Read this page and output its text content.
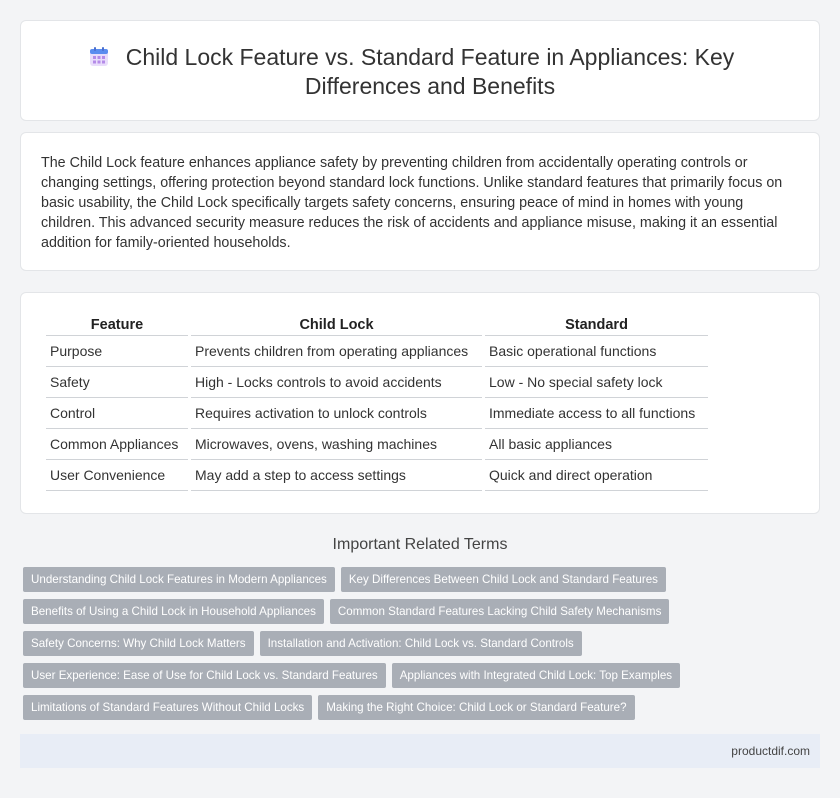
Child Lock Feature vs. Standard Feature in Appliances: Key Differences and Benefits

The Child Lock feature enhances appliance safety by preventing children from accidentally operating controls or changing settings, offering protection beyond standard lock functions. Unlike standard features that primarily focus on basic usability, the Child Lock specifically targets safety concerns, ensuring peace of mind in homes with young children. This advanced security measure reduces the risk of accidents and appliance misuse, making it an essential addition for family-oriented households.

Feature	Child Lock	Standard
Purpose	Prevents children from operating appliances	Basic operational functions
Safety	High - Locks controls to avoid accidents	Low - No special safety lock
Control	Requires activation to unlock controls	Immediate access to all functions
Common Appliances	Microwaves, ovens, washing machines	All basic appliances
User Convenience	May add a step to access settings	Quick and direct operation
Important Related Terms
Understanding Child Lock Features in Modern Appliances Key Differences Between Child Lock and Standard Features
Benefits of Using a Child Lock in Household Appliances Common Standard Features Lacking Child Safety Mechanisms
Safety Concerns: Why Child Lock Matters Installation and Activation: Child Lock vs. Standard Controls
User Experience: Ease of Use for Child Lock vs. Standard Features Appliances with Integrated Child Lock: Top Examples
Limitations of Standard Features Without Child Locks Making the Right Choice: Child Lock or Standard Feature?
productdif.com
